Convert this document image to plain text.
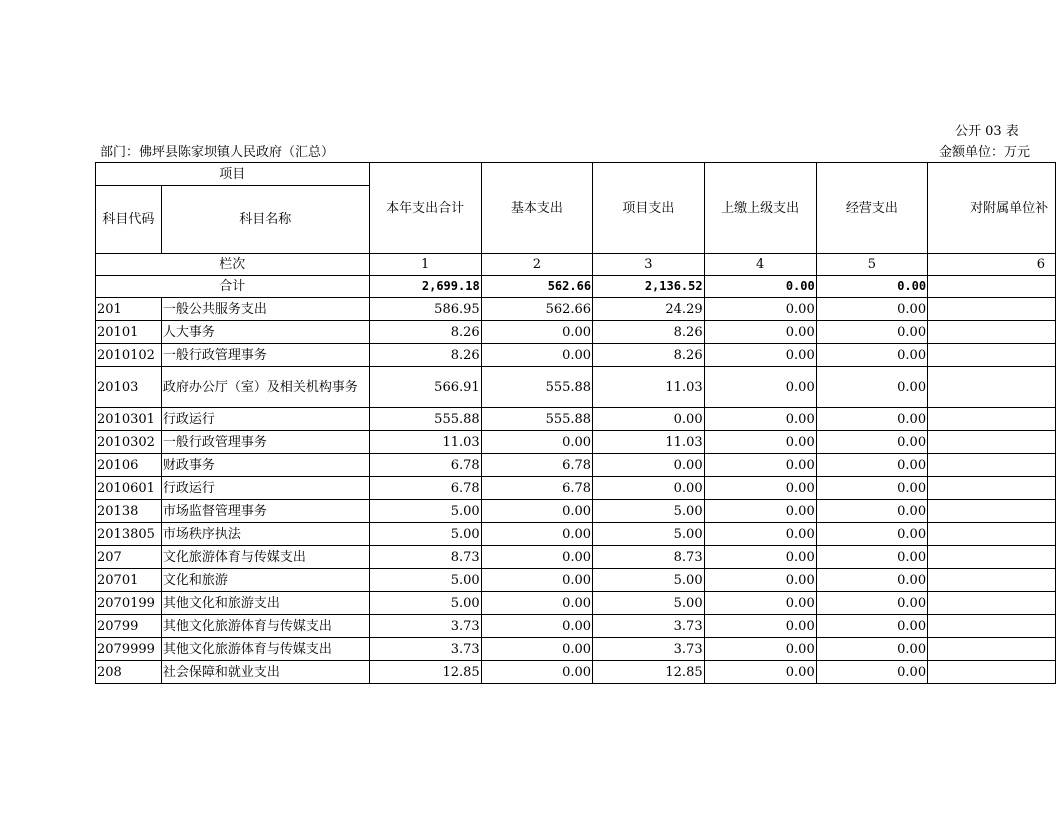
公开 03 表
部门：佛坪县陈家坝镇人民政府（汇总）	金额单位：万元
项目		本年支出合计	基本支出	项目支出	上缴上级支出	经营支出	对附属单位补
科目代码	科目名称						
栏次		1	2	3	4	5	6
合计		2,699.18	562.66	2,136.52	0.00	0.00	
201	一般公共服务支出	586.95	562.66	24.29	0.00	0.00	
20101	人大事务	8.26	0.00	8.26	0.00	0.00	
2010102	一般行政管理事务	8.26	0.00	8.26	0.00	0.00	
20103	政府办公厅（室）及相关机构事务	566.91	555.88	11.03	0.00	0.00	
2010301	行政运行	555.88	555.88	0.00	0.00	0.00	
2010302	一般行政管理事务	11.03	0.00	11.03	0.00	0.00	
20106	财政事务	6.78	6.78	0.00	0.00	0.00	
2010601	行政运行	6.78	6.78	0.00	0.00	0.00	
20138	市场监督管理事务	5.00	0.00	5.00	0.00	0.00	
2013805	市场秩序执法	5.00	0.00	5.00	0.00	0.00	
207	文化旅游体育与传媒支出	8.73	0.00	8.73	0.00	0.00	
20701	文化和旅游	5.00	0.00	5.00	0.00	0.00	
2070199	其他文化和旅游支出	5.00	0.00	5.00	0.00	0.00	
20799	其他文化旅游体育与传媒支出	3.73	0.00	3.73	0.00	0.00	
2079999	其他文化旅游体育与传媒支出	3.73	0.00	3.73	0.00	0.00	
208	社会保障和就业支出	12.85	0.00	12.85	0.00	0.00	
